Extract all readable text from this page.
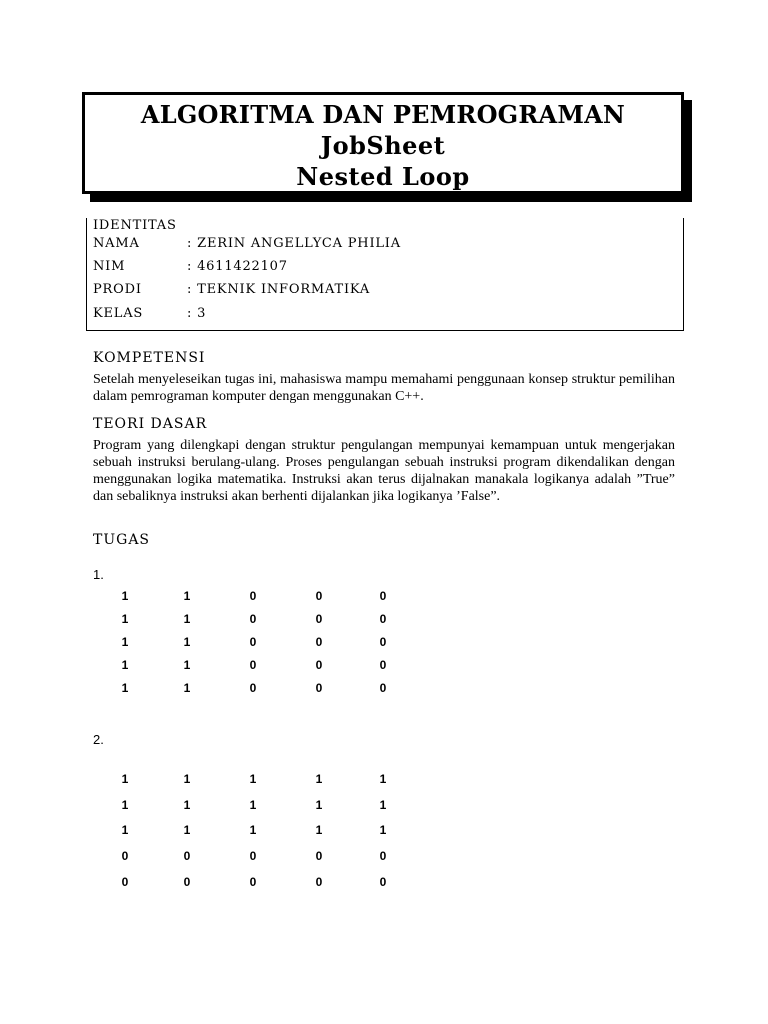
ALGORITMA DAN PEMROGRAMAN
JobSheet
Nested Loop
IDENTITAS
NAMA	: ZERIN ANGELLYCA PHILIA
NIM	: 4611422107
PRODI	: TEKNIK INFORMATIKA
KELAS	: 3
KOMPETENSI
Setelah menyeleseikan tugas ini, mahasiswa mampu memahami penggunaan konsep struktur pemilihan dalam pemrograman komputer dengan menggunakan C++.
TEORI DASAR
Program yang dilengkapi dengan struktur pengulangan mempunyai kemampuan untuk mengerjakan sebuah instruksi berulang-ulang. Proses pengulangan sebuah instruksi program dikendalikan dengan menggunakan logika matematika. Instruksi akan terus dijalnakan manakala logikanya adalah ”True” dan sebaliknya instruksi akan berhenti dijalankan jika logikanya ’False”.
TUGAS
1.
1	1	0	0	0
1	1	0	0	0
1	1	0	0	0
1	1	0	0	0
1	1	0	0	0
2.
1	1	1	1	1
1	1	1	1	1
1	1	1	1	1
0	0	0	0	0
0	0	0	0	0
